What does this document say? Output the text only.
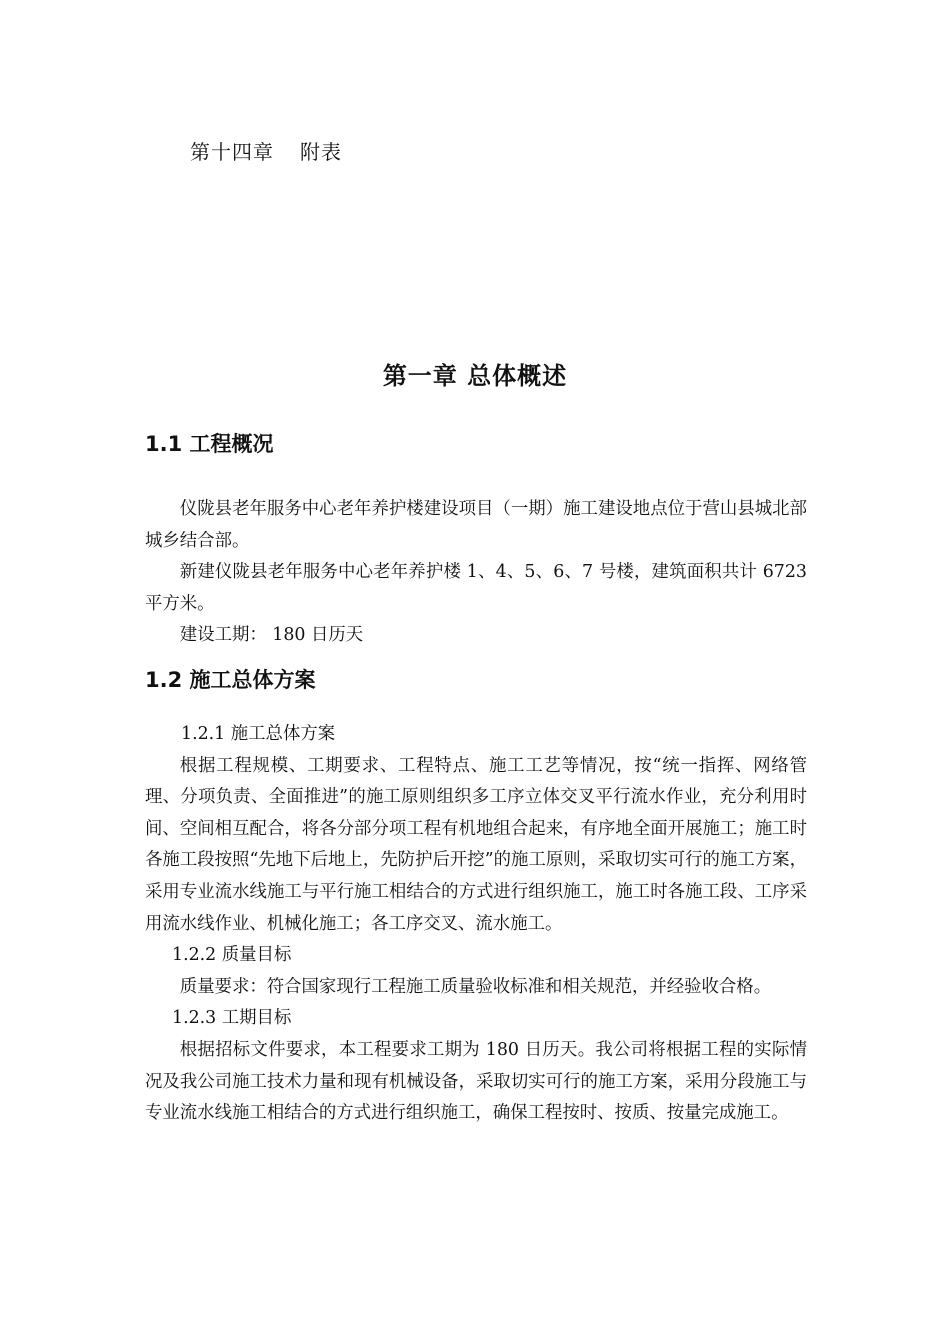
第十四章 附表
第一章 总体概述
1.1 工程概况

仪陇县老年服务中心老年养护楼建设项目（一期）施工建设地点位于营山县城北部城乡结合部。

新建仪陇县老年服务中心老年养护楼 1、4、5、6、7 号楼，建筑面积共计 6723 平方米。

建设工期： 180 日历天

1.2 施工总体方案

1.2.1 施工总体方案

根据工程规模、工期要求、工程特点、施工工艺等情况，按“统一指挥、网络管理、分项负责、全面推进”的施工原则组织多工序立体交叉平行流水作业，充分利用时间、空间相互配合，将各分部分项工程有机地组合起来，有序地全面开展施工；施工时各施工段按照“先地下后地上，先防护后开挖”的施工原则，采取切实可行的施工方案，采用专业流水线施工与平行施工相结合的方式进行组织施工，施工时各施工段、工序采用流水线作业、机械化施工；各工序交叉、流水施工。

1.2.2 质量目标

质量要求：符合国家现行工程施工质量验收标准和相关规范，并经验收合格。

1.2.3 工期目标

根据招标文件要求，本工程要求工期为 180 日历天。我公司将根据工程的实际情况及我公司施工技术力量和现有机械设备，采取切实可行的施工方案，采用分段施工与专业流水线施工相结合的方式进行组织施工，确保工程按时、按质、按量完成施工。
